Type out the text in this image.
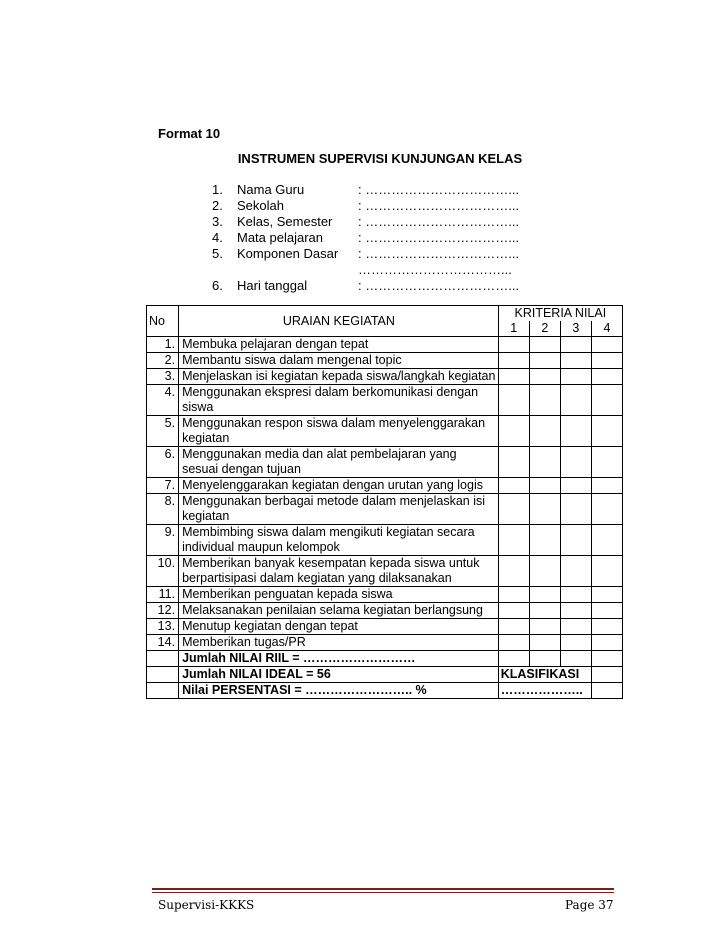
Format 10
INSTRUMEN SUPERVISI KUNJUNGAN KELAS
1.	Nama Guru	: ……………………………...
2.	Sekolah	: ……………………………...
3.	Kelas, Semester : ……………………………...
4.	Mata pelajaran	: ……………………………...
5.	Komponen Dasar : ……………………………...
……………………………...
6.	Hari tanggal	: ……………………………...
No	URAIAN KEGIATAN	KRITERIA NILAI			
		1	2	3	4
1.	Membuka pelajaran dengan tepat				
2.	Membantu siswa dalam mengenal topic				
3.	Menjelaskan isi kegiatan kepada siswa/langkah kegiatan				
4.	Menggunakan ekspresi dalam berkomunikasi dengan siswa				
5.	Menggunakan respon siswa dalam menyelenggarakan kegiatan				
6.	Menggunakan media dan alat pembelajaran yang sesuai dengan tujuan				
7.	Menyelenggarakan kegiatan dengan urutan yang logis				
8.	Menggunakan berbagai metode dalam menjelaskan isi kegiatan				
9.	Membimbing siswa dalam mengikuti kegiatan secara individual maupun kelompok				
10.	Memberikan banyak kesempatan kepada siswa untuk berpartisipasi dalam kegiatan yang dilaksanakan				
11.	Memberikan penguatan kepada siswa				
12.	Melaksanakan penilaian selama kegiatan berlangsung				
13.	Menutup kegiatan dengan tepat				
14.	Memberikan tugas/PR				
	Jumlah NILAI RIIL = ………………………				
	Jumlah NILAI IDEAL = 56	KLASIFIKASI			
	Nilai PERSENTASI = …………………….. %	………………..			
Supervisi-KKKS	Page 37
